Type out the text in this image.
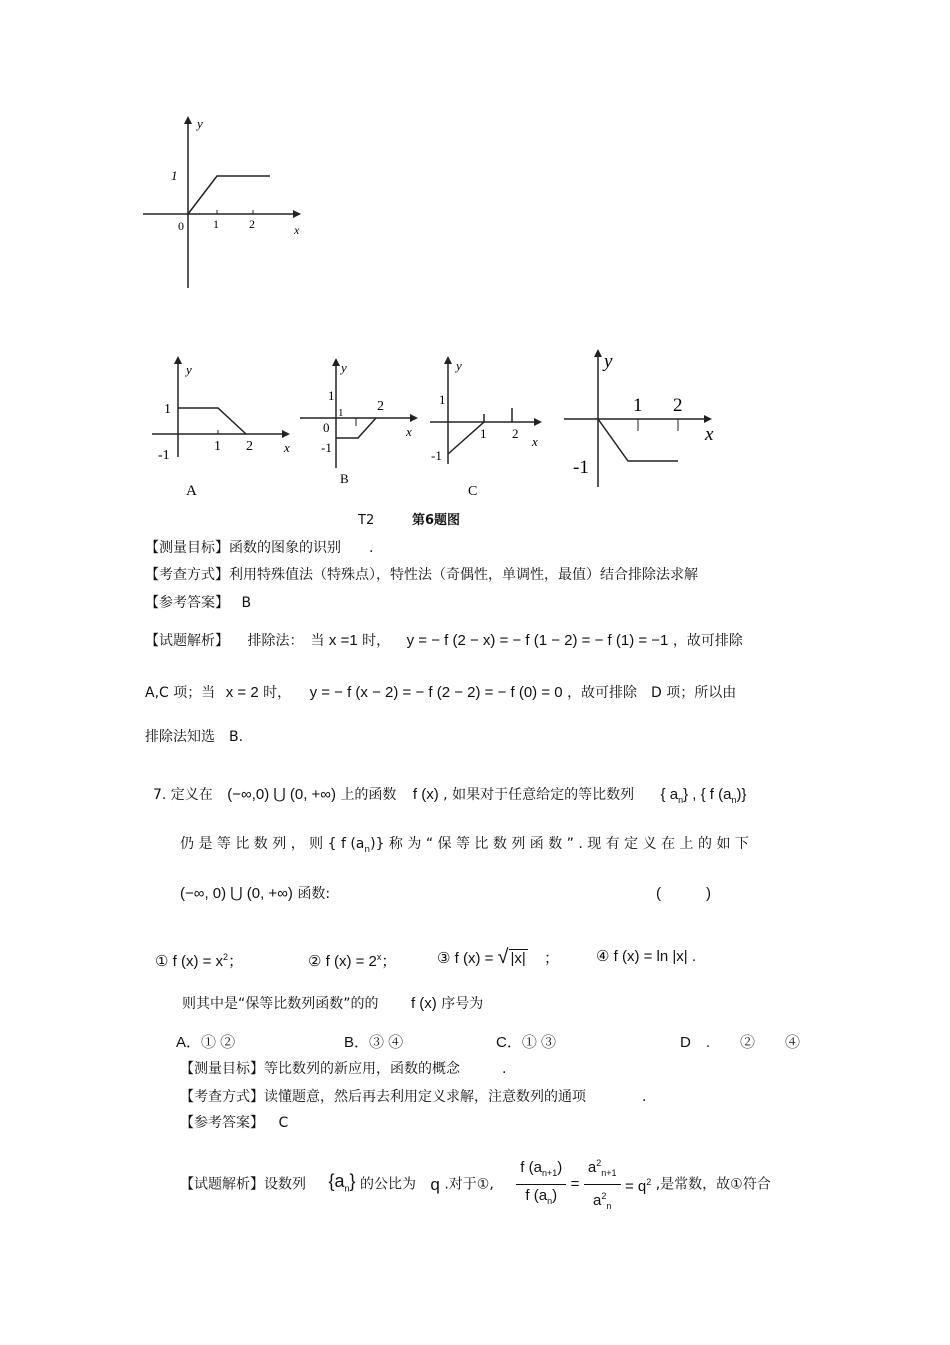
y
x
0 1	2
1
y
x
1
-1
1 2
A
y
x
1
1
0
-1
2
B
y
x
1
-1
1 2
C
y
x
-1
1 2
T2	第6题图
【测量目标】函数的图象的识别　　.
【考查方式】利用特殊值法（特殊点），特性法（奇偶性，单调性，最值）结合排除法求解
【参考答案】 B
【试题解析】 排除法：　当 x =1 时， y = − f (2 − x) = − f (1 − 2) = − f (1) = −1 ，故可排除
A,C 项；当 x = 2 时， y = − f (x − 2) = − f (2 − 2) = − f (0) = 0 ，故可排除　D 项；所以由
排除法知选　B.
7. 定义在 (−∞,0) ⋃ (0, +∞) 上的函数 f (x) , 如果对于任意给定的等比数列 { $a_n$} , { f $(a_n)$}
仍 是 等 比 数 列 ， 则 { f $(a_n)$} 称 为 “ 保 等 比 数 列 函 数 ” . 现 有 定 义 在 上 的 如 下
(−∞, 0) ⋃ (0, +∞) 函数:	(　　　)
① f $(x) = x^2$；	② f $(x) = 2^x$；	③ f (x) = √ |x| ； ④ f (x) = ln |x| .
则其中是“保等比数列函数”的的 f (x) 序号为
A．① ②	B．③ ④	C．① ③	D　.　　②　　④
【测量目标】等比数列的新应用，函数的概念　　　.
【考查方式】读懂题意，然后再去利用定义求解，注意数列的通项　　　　.
【参考答案】 C
【试题解析】设数列 $\{a_n\}$ 的公比为 q .对于①, $\frac{f (a_{n+1})}{f (a_n)} = \frac{a^2_{n+1}}{a^2_n} = q^2$ ,是常数，故①符合
